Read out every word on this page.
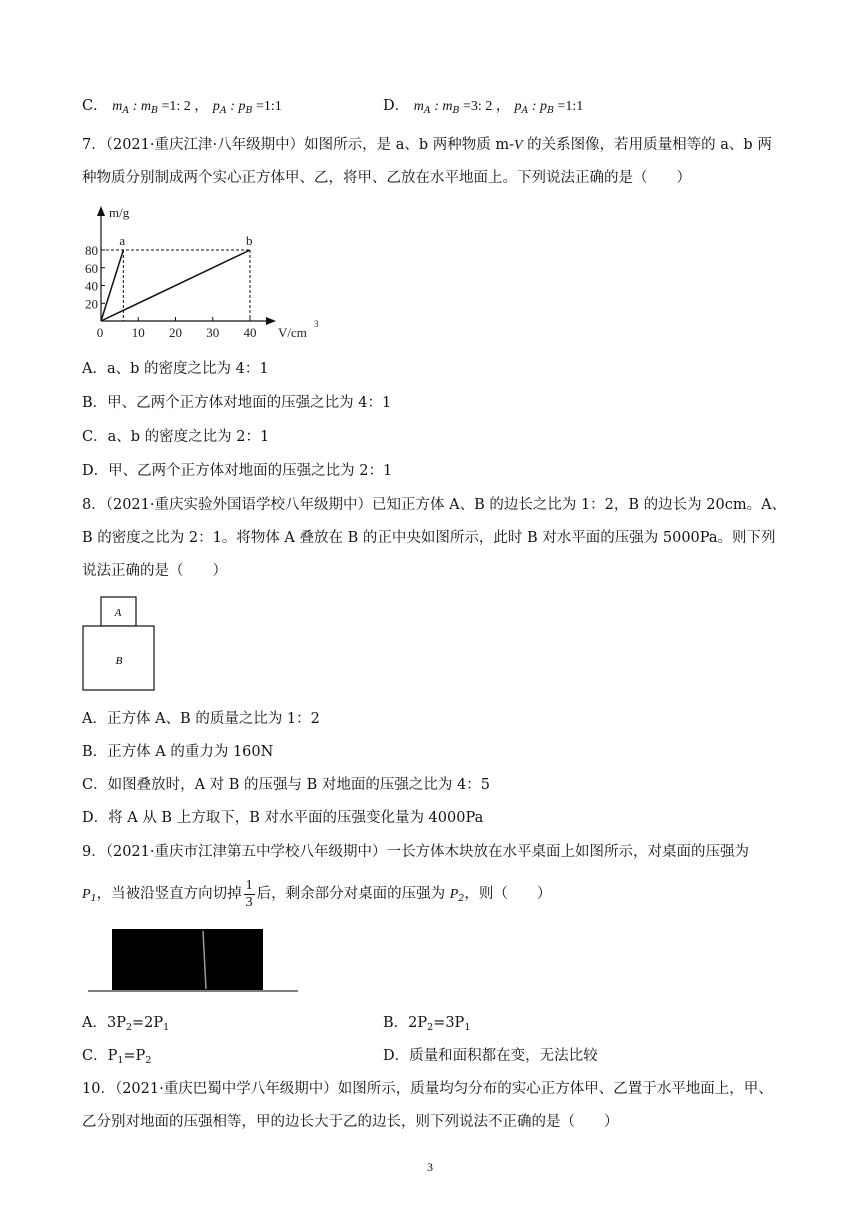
C． $m_A$ : $m_B =1$: 2 ， $p_A$ : $p_B$ =1:1	D． $m_A$ : $m_B =3$: 2 ， $p_A$ : $p_B$ =1:1
7．（2021·重庆江津·八年级期中）如图所示，是 a、b 两种物质 m-V 的关系图像，若用质量相等的 a、b 两
种物质分别制成两个实心正方体甲、乙，将甲、乙放在水平地面上。下列说法正确的是（　　）
0 10 20 30 40
20
40
60
80
m/g
V/cm
3
a	b
A．a、b 的密度之比为 4：1
B．甲、乙两个正方体对地面的压强之比为 4：1
C．a、b 的密度之比为 2：1
D．甲、乙两个正方体对地面的压强之比为 2：1
8．（2021·重庆实验外国语学校八年级期中）已知正方体 A、B 的边长之比为 1：2，B 的边长为 20cm。A、
B 的密度之比为 2：1。将物体 A 叠放在 B 的正中央如图所示，此时 B 对水平面的压强为 5000Pa。则下列
说法正确的是（　　）
A
B
A．正方体 A、B 的质量之比为 1：2
B．正方体 A 的重力为 160N
C．如图叠放时，A 对 B 的压强与 B 对地面的压强之比为 4：5
D．将 A 从 B 上方取下，B 对水平面的压强变化量为 4000Pa
9．（2021·重庆市江津第五中学校八年级期中）一长方体木块放在水平桌面上如图所示，对桌面的压强为
$P_1$，当被沿竖直方向切掉 $\frac{1}{3}$ 后，剩余部分对桌面的压强为 $P_2$，则（　　）
A．$3P_2=2P_1$	B．$2P_2=3P_1$
C．$P_1=P_2$	D．质量和面积都在变，无法比较
10．（2021·重庆巴蜀中学八年级期中）如图所示，质量均匀分布的实心正方体甲、乙置于水平地面上，甲、
乙分别对地面的压强相等，甲的边长大于乙的边长，则下列说法不正确的是（　　）
3
